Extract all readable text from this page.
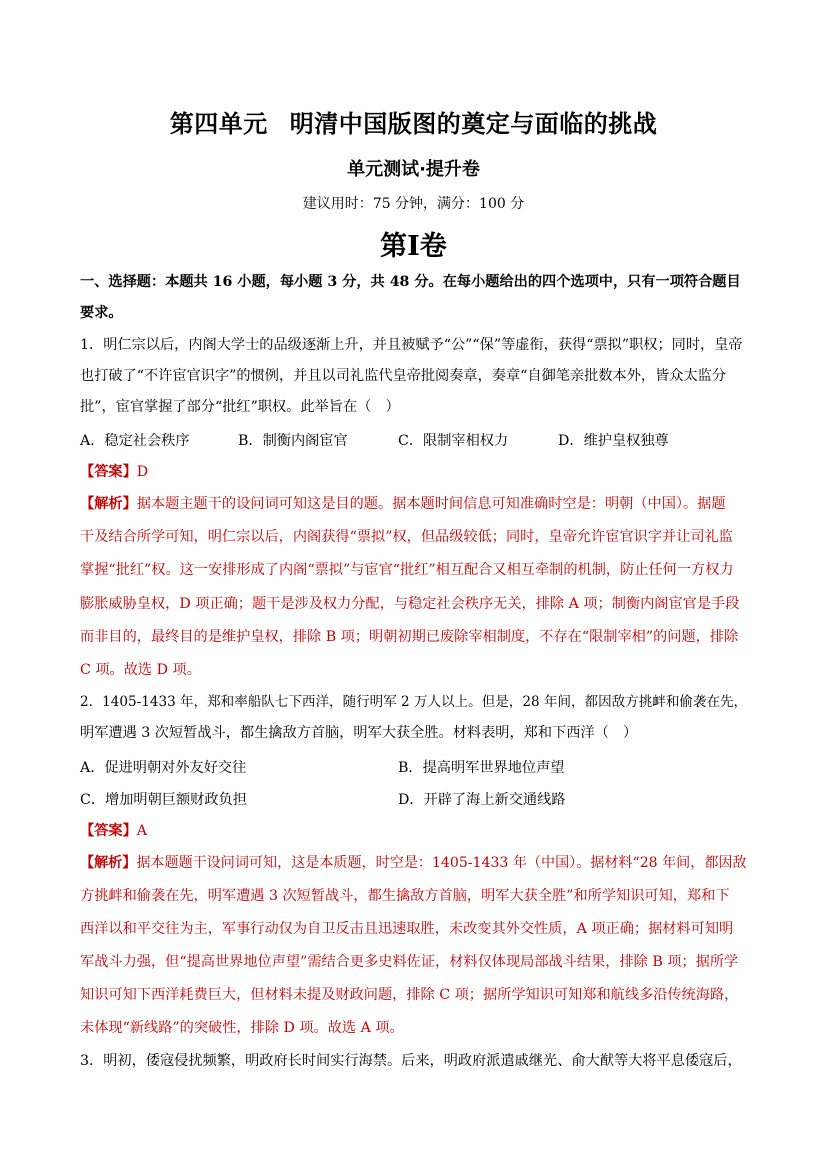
第四单元 明清中国版图的奠定与面临的挑战
单元测试·提升卷
建议用时：75 分钟，满分：100 分
第I卷
一、选择题：本题共 16 小题，每小题 3 分，共 48 分。在每小题给出的四个选项中，只有一项符合题目
要求。
1．明仁宗以后，内阁大学士的品级逐渐上升，并且被赋予“公”“保”等虚衔，获得“票拟”职权；同时，皇帝
也打破了“不许宦官识字”的惯例，并且以司礼监代皇帝批阅奏章，奏章“自御笔亲批数本外，皆众太监分
批”，宦官掌握了部分“批红”职权。此举旨在（　）
A．稳定社会秩序	B．制衡内阁宦官	C．限制宰相权力	D．维护皇权独尊
【答案】D
【解析】据本题主题干的设问词可知这是目的题。据本题时间信息可知准确时空是：明朝（中国）。据题
干及结合所学可知，明仁宗以后，内阁获得“票拟”权，但品级较低；同时，皇帝允许宦官识字并让司礼监
掌握“批红”权。这一安排形成了内阁“票拟”与宦官“批红”相互配合又相互牵制的机制，防止任何一方权力
膨胀威胁皇权，D 项正确；题干是涉及权力分配，与稳定社会秩序无关，排除 A 项；制衡内阁宦官是手段
而非目的，最终目的是维护皇权，排除 B 项；明朝初期已废除宰相制度，不存在“限制宰相”的问题，排除
C 项。故选 D 项。
2．1405-1433 年，郑和率船队七下西洋，随行明军 2 万人以上。但是，28 年间，都因敌方挑衅和偷袭在先，
明军遭遇 3 次短暂战斗，都生擒敌方首脑，明军大获全胜。材料表明，郑和下西洋（　）
A．促进明朝对外友好交往	B．提高明军世界地位声望
C．增加明朝巨额财政负担	D．开辟了海上新交通线路
【答案】A
【解析】据本题题干设问词可知，这是本质题，时空是：1405-1433 年（中国）。据材料“28 年间，都因敌
方挑衅和偷袭在先，明军遭遇 3 次短暂战斗，都生擒敌方首脑，明军大获全胜”和所学知识可知，郑和下
西洋以和平交往为主，军事行动仅为自卫反击且迅速取胜，未改变其外交性质，A 项正确；据材料可知明
军战斗力强，但“提高世界地位声望”需结合更多史料佐证，材料仅体现局部战斗结果，排除 B 项；据所学
知识可知下西洋耗费巨大，但材料未提及财政问题，排除 C 项；据所学知识可知郑和航线多沿传统海路，
未体现“新线路”的突破性，排除 D 项。故选 A 项。
3．明初，倭寇侵扰频繁，明政府长时间实行海禁。后来，明政府派遣戚继光、俞大猷等大将平息倭寇后，
